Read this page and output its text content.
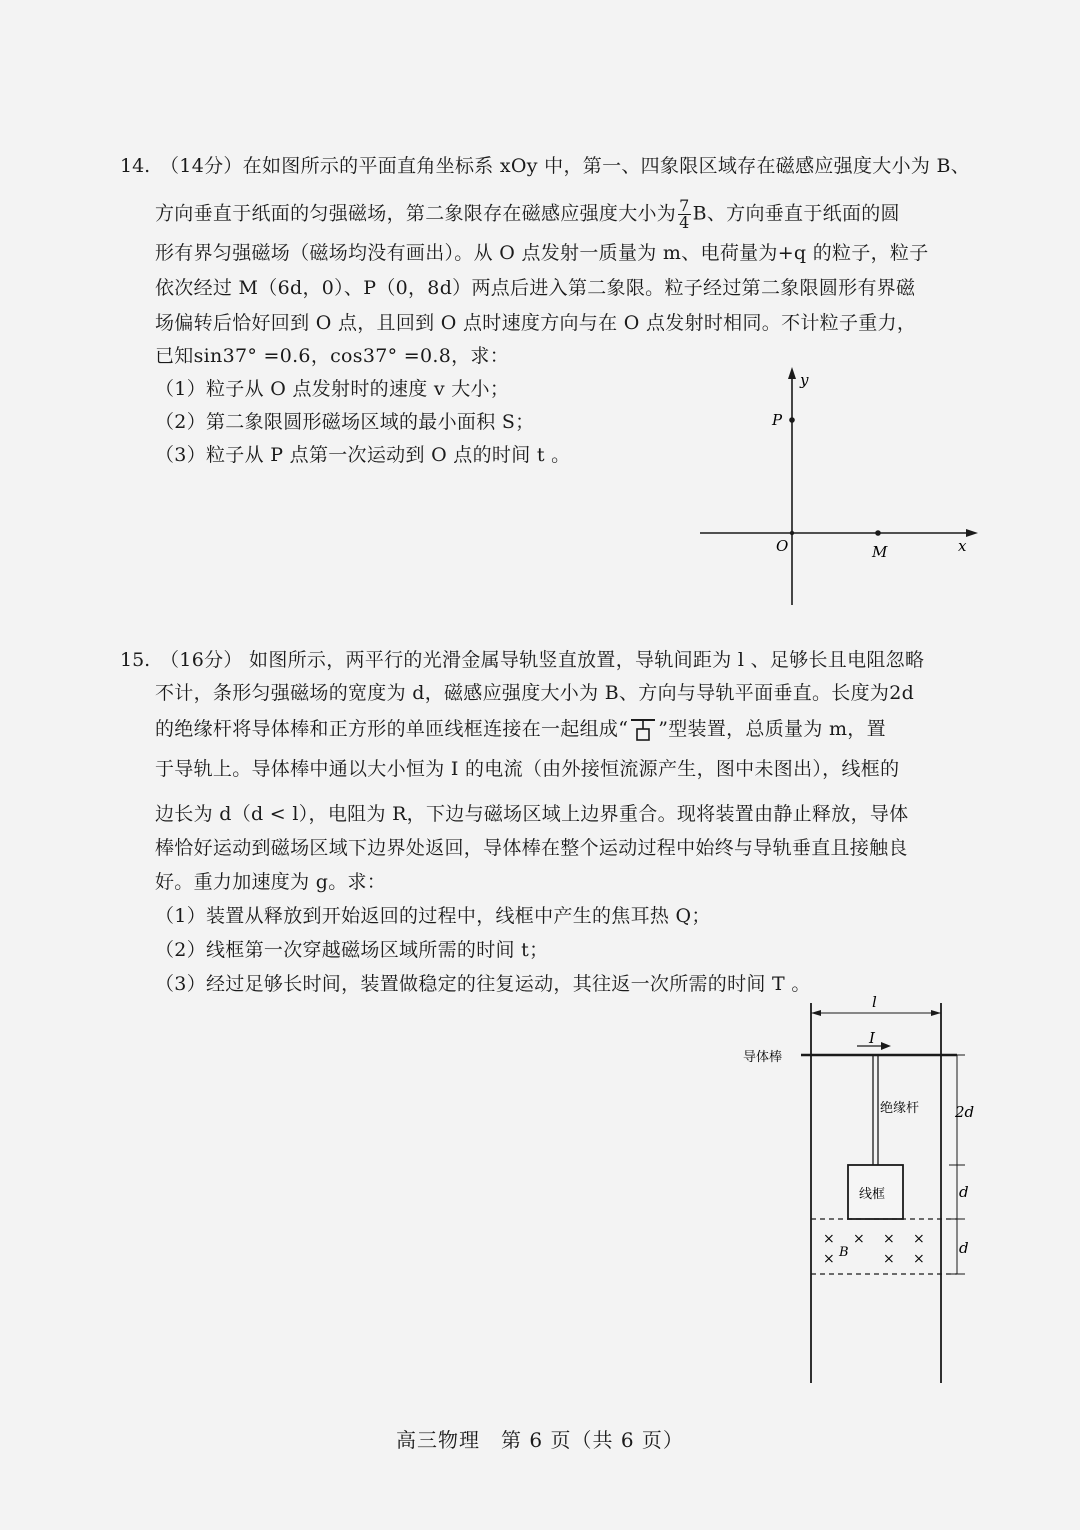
14. （14分）在如图所示的平面直角坐标系 xOy 中，第一、四象限区域存在磁感应强度大小为 B、
方向垂直于纸面的匀强磁场，第二象限存在磁感应强度大小为 $\frac{7}{4}$ B、方向垂直于纸面的圆
形有界匀强磁场（磁场均没有画出）。从 O 点发射一质量为 m、电荷量为+q 的粒子，粒子
依次经过 M（6d，0）、P（0，8d）两点后进入第二象限。粒子经过第二象限圆形有界磁
场偏转后恰好回到 O 点，且回到 O 点时速度方向与在 O 点发射时相同。不计粒子重力，
已知sin37° =0.6，cos37° =0.8，求：
（1）粒子从 O 点发射时的速度 v 大小；
（2）第二象限圆形磁场区域的最小面积 S；
（3）粒子从 P 点第一次运动到 O 点的时间 t 。
y
x
O
P
M
15. （16分） 如图所示，两平行的光滑金属导轨竖直放置，导轨间距为 l 、足够长且电阻忽略
不计，条形匀强磁场的宽度为 d，磁感应强度大小为 B、方向与导轨平面垂直。长度为2d
的绝缘杆将导体棒和正方形的单匝线框连接在一起组成“ ”型装置，总质量为 m，置
于导轨上。导体棒中通以大小恒为 I 的电流（由外接恒流源产生，图中未图出），线框的
边长为 d（d < l），电阻为 R，下边与磁场区域上边界重合。现将装置由静止释放，导体
棒恰好运动到磁场区域下边界处返回，导体棒在整个运动过程中始终与导轨垂直且接触良
好。重力加速度为 g。求：
（1）装置从释放到开始返回的过程中，线框中产生的焦耳热 Q；
（2）线框第一次穿越磁场区域所需的时间 t；
（3）经过足够长时间，装置做稳定的往复运动，其往返一次所需的时间 T 。
l
导体棒
I
绝缘杆
线框
× × × ×
×	× ×
B
2d
d
d
高三物理　第 6 页（共 6 页）
